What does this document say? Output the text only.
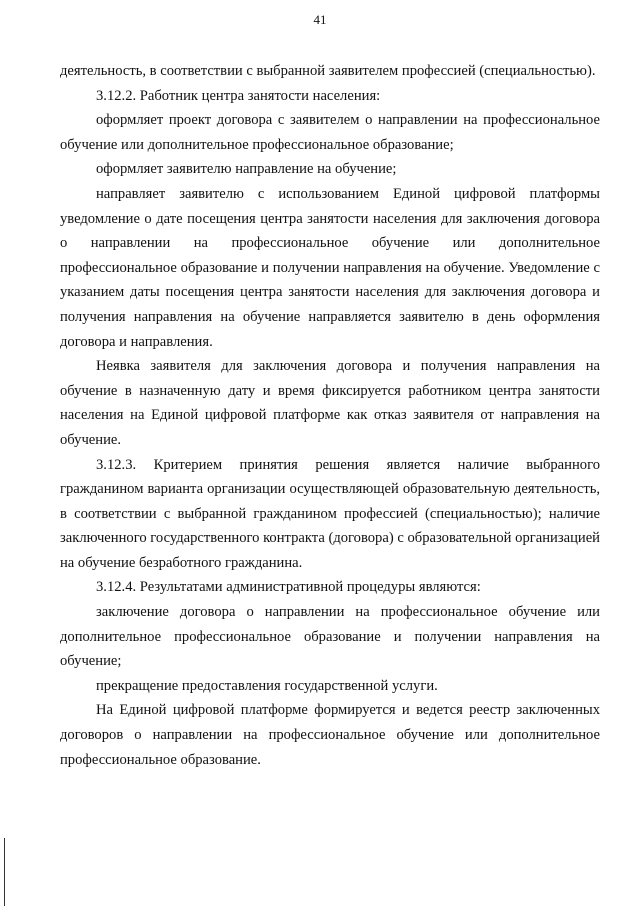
41

деятельность, в соответствии с выбранной заявителем профессией (специальностью).

3.12.2. Работник центра занятости населения:

оформляет проект договора с заявителем о направлении на профессиональное обучение или дополнительное профессиональное образование;

оформляет заявителю направление на обучение;

направляет заявителю с использованием Единой цифровой платформы уведомление о дате посещения центра занятости населения для заключения договора о направлении на профессиональное обучение или дополнительное профессиональное образование и получении направления на обучение. Уведомление с указанием даты посещения центра занятости населения для заключения договора и получения направления на обучение направляется заявителю в день оформления договора и направления.

Неявка заявителя для заключения договора и получения направления на обучение в назначенную дату и время фиксируется работником центра занятости населения на Единой цифровой платформе как отказ заявителя от направления на обучение.

3.12.3. Критерием принятия решения является наличие выбранного гражданином варианта организации осуществляющей образовательную деятельность, в соответствии с выбранной гражданином профессией (специальностью); наличие заключенного государственного контракта (договора) с образовательной организацией на обучение безработного гражданина.

3.12.4. Результатами административной процедуры являются:

заключение договора о направлении на профессиональное обучение или дополнительное профессиональное образование и получении направления на обучение;

прекращение предоставления государственной услуги.

На Единой цифровой платформе формируется и ведется реестр заключенных договоров о направлении на профессиональное обучение или дополнительное профессиональное образование.
